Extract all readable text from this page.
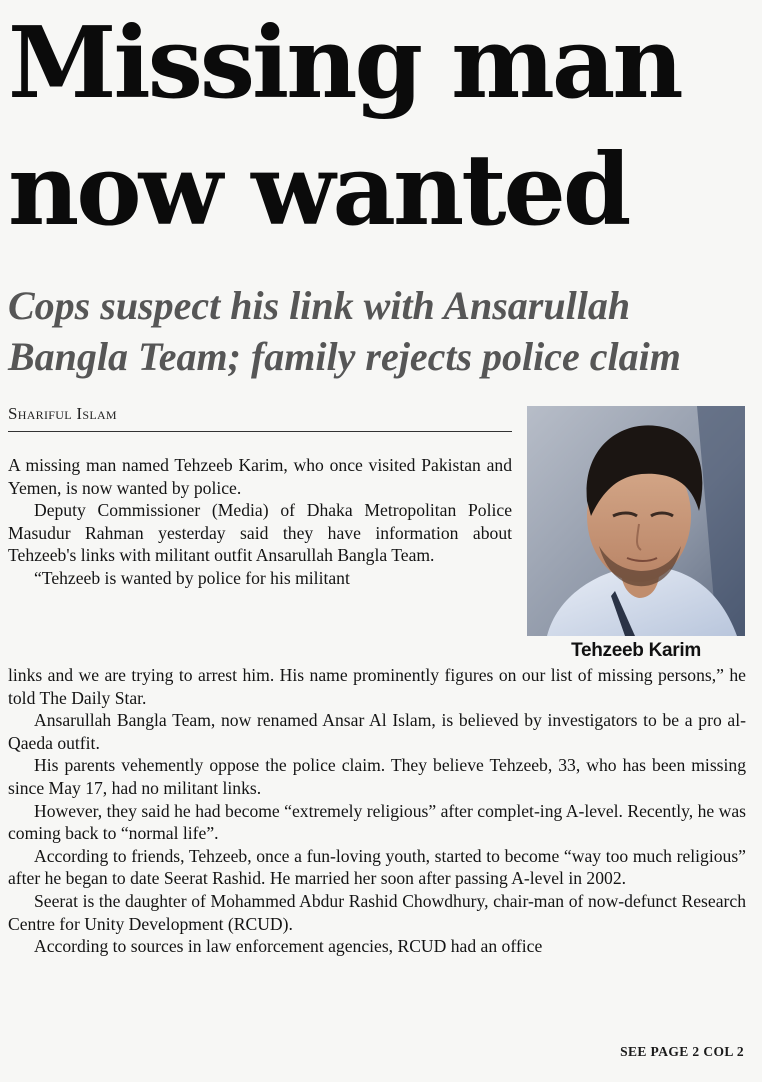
Missing man
now wanted
Cops suspect his link with Ansarullah
Bangla Team; family rejects police claim
Shariful Islam
Tehzeeb Karim

A missing man named Tehzeeb Karim, who once visited Pakistan and Yemen, is now wanted by police.

Deputy Commissioner (Media) of Dhaka Metropolitan Police Masudur Rahman yesterday said they have information about Tehzeeb's links with militant outfit Ansarullah Bangla Team.

“Tehzeeb is wanted by police for his militant

links and we are trying to arrest him. His name prominently figures on our list of missing persons,” he told The Daily Star.

Ansarullah Bangla Team, now renamed Ansar Al Islam, is believed by investigators to be a pro al-Qaeda outfit.

His parents vehemently oppose the police claim. They believe Tehzeeb, 33, who has been missing since May 17, had no militant links.

However, they said he had become “extremely religious” after complet-ing A-level. Recently, he was coming back to “normal life”.

According to friends, Tehzeeb, once a fun-loving youth, started to become “way too much religious” after he began to date Seerat Rashid. He married her soon after passing A-level in 2002.

Seerat is the daughter of Mohammed Abdur Rashid Chowdhury, chair-man of now-defunct Research Centre for Unity Development (RCUD).

According to sources in law enforcement agencies, RCUD had an office

SEE PAGE 2 COL 2
